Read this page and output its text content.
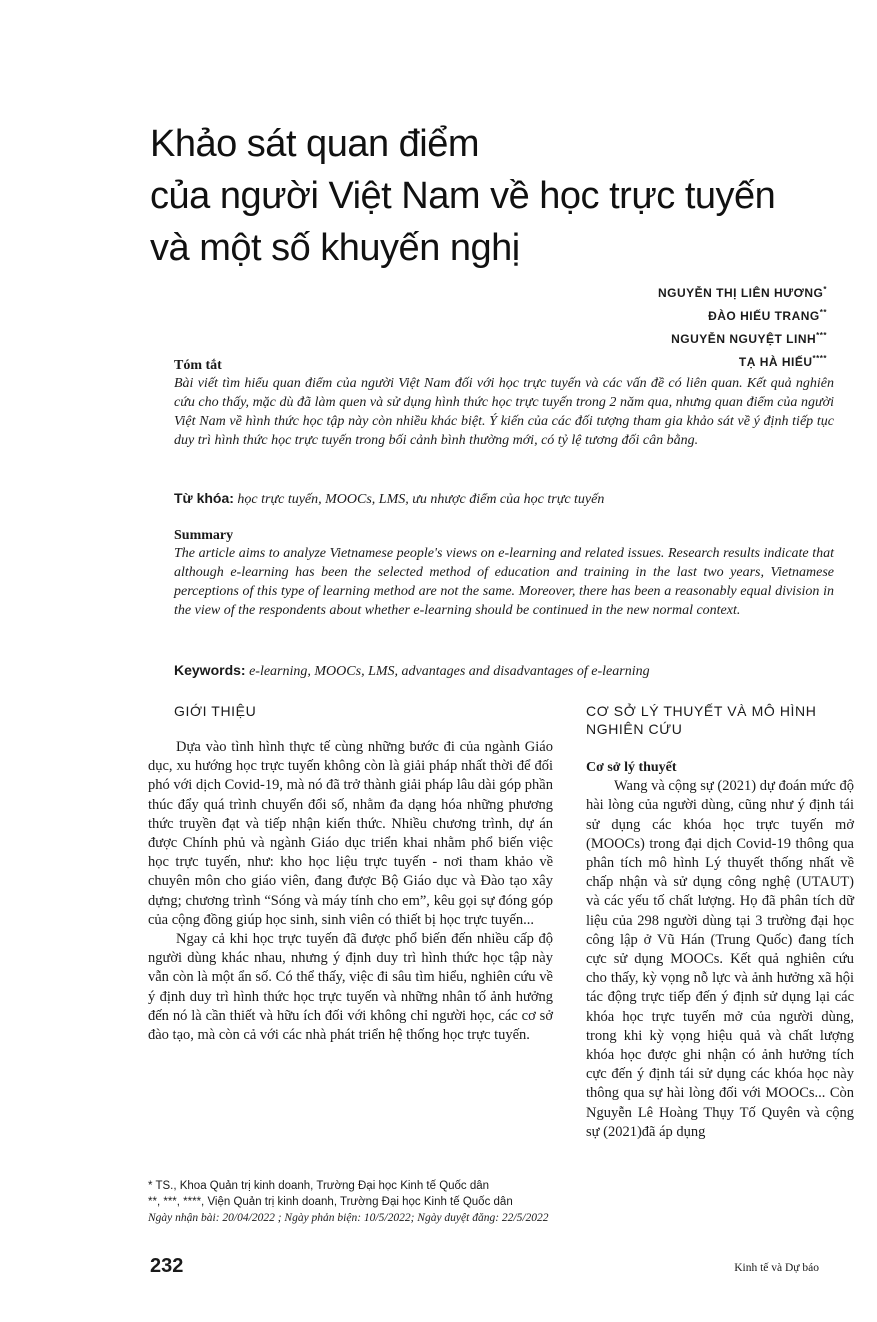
Khảo sát quan điểm
của người Việt Nam về học trực tuyến
và một số khuyến nghị
NGUYỄN THỊ LIÊN HƯƠNG*
ĐÀO HIẾU TRANG**
NGUYỄN NGUYỆT LINH***
TẠ HÀ HIẾU****
Tóm tắt
Bài viết tìm hiểu quan điểm của người Việt Nam đối với học trực tuyến và các vấn đề có liên quan. Kết quả nghiên cứu cho thấy, mặc dù đã làm quen và sử dụng hình thức học trực tuyến trong 2 năm qua, nhưng quan điểm của người Việt Nam về hình thức học tập này còn nhiều khác biệt. Ý kiến của các đối tượng tham gia khảo sát về ý định tiếp tục duy trì hình thức học trực tuyến trong bối cảnh bình thường mới, có tỷ lệ tương đối cân bằng.
Từ khóa: học trực tuyến, MOOCs, LMS, ưu nhược điểm của học trực tuyến
Summary
The article aims to analyze Vietnamese people's views on e-learning and related issues. Research results indicate that although e-learning has been the selected method of education and training in the last two years, Vietnamese perceptions of this type of learning method are not the same. Moreover, there has been a reasonably equal division in the view of the respondents about whether e-learning should be continued in the new normal context.
Keywords: e-learning, MOOCs, LMS, advantages and disadvantages of e-learning
GIỚI THIỆU

Dựa vào tình hình thực tế cùng những bước đi của ngành Giáo dục, xu hướng học trực tuyến không còn là giải pháp nhất thời để đối phó với dịch Covid-19, mà nó đã trở thành giải pháp lâu dài góp phần thúc đẩy quá trình chuyển đổi số, nhằm đa dạng hóa những phương thức truyền đạt và tiếp nhận kiến thức. Nhiều chương trình, dự án được Chính phủ và ngành Giáo dục triển khai nhằm phổ biến việc học trực tuyến, như: kho học liệu trực tuyến - nơi tham khảo về chuyên môn cho giáo viên, đang được Bộ Giáo dục và Đào tạo xây dựng; chương trình “Sóng và máy tính cho em”, kêu gọi sự đóng góp của cộng đồng giúp học sinh, sinh viên có thiết bị học trực tuyến...

Ngay cả khi học trực tuyến đã được phổ biến đến nhiều cấp độ người dùng khác nhau, nhưng ý định duy trì hình thức học tập này vẫn còn là một ẩn số. Có thể thấy, việc đi sâu tìm hiểu, nghiên cứu về ý định duy trì hình thức học trực tuyến và những nhân tố ảnh hưởng đến nó là cần thiết và hữu ích đối với không chỉ người học, các cơ sở đào tạo, mà còn cả với các nhà phát triển hệ thống học trực tuyến.

CƠ SỞ LÝ THUYẾT VÀ MÔ HÌNH NGHIÊN CỨU
Cơ sở lý thuyết

Wang và cộng sự (2021) dự đoán mức độ hài lòng của người dùng, cũng như ý định tái sử dụng các khóa học trực tuyến mở (MOOCs) trong đại dịch Covid-19 thông qua phân tích mô hình Lý thuyết thống nhất về chấp nhận và sử dụng công nghệ (UTAUT) và các yếu tố chất lượng. Họ đã phân tích dữ liệu của 298 người dùng tại 3 trường đại học công lập ở Vũ Hán (Trung Quốc) đang tích cực sử dụng MOOCs. Kết quả nghiên cứu cho thấy, kỳ vọng nỗ lực và ảnh hưởng xã hội tác động trực tiếp đến ý định sử dụng lại các khóa học trực tuyến mở của người dùng, trong khi kỳ vọng hiệu quả và chất lượng khóa học được ghi nhận có ảnh hưởng tích cực đến ý định tái sử dụng các khóa học này thông qua sự hài lòng đối với MOOCs... Còn Nguyễn Lê Hoàng Thụy Tố Quyên và cộng sự (2021)đã áp dụng

* TS., Khoa Quản trị kinh doanh, Trường Đại học Kinh tế Quốc dân
**, ***, ****, Viện Quản trị kinh doanh, Trường Đại học Kinh tế Quốc dân
Ngày nhận bài: 20/04/2022 ; Ngày phản biện: 10/5/2022; Ngày duyệt đăng: 22/5/2022
232	Kinh tế và Dự báo
